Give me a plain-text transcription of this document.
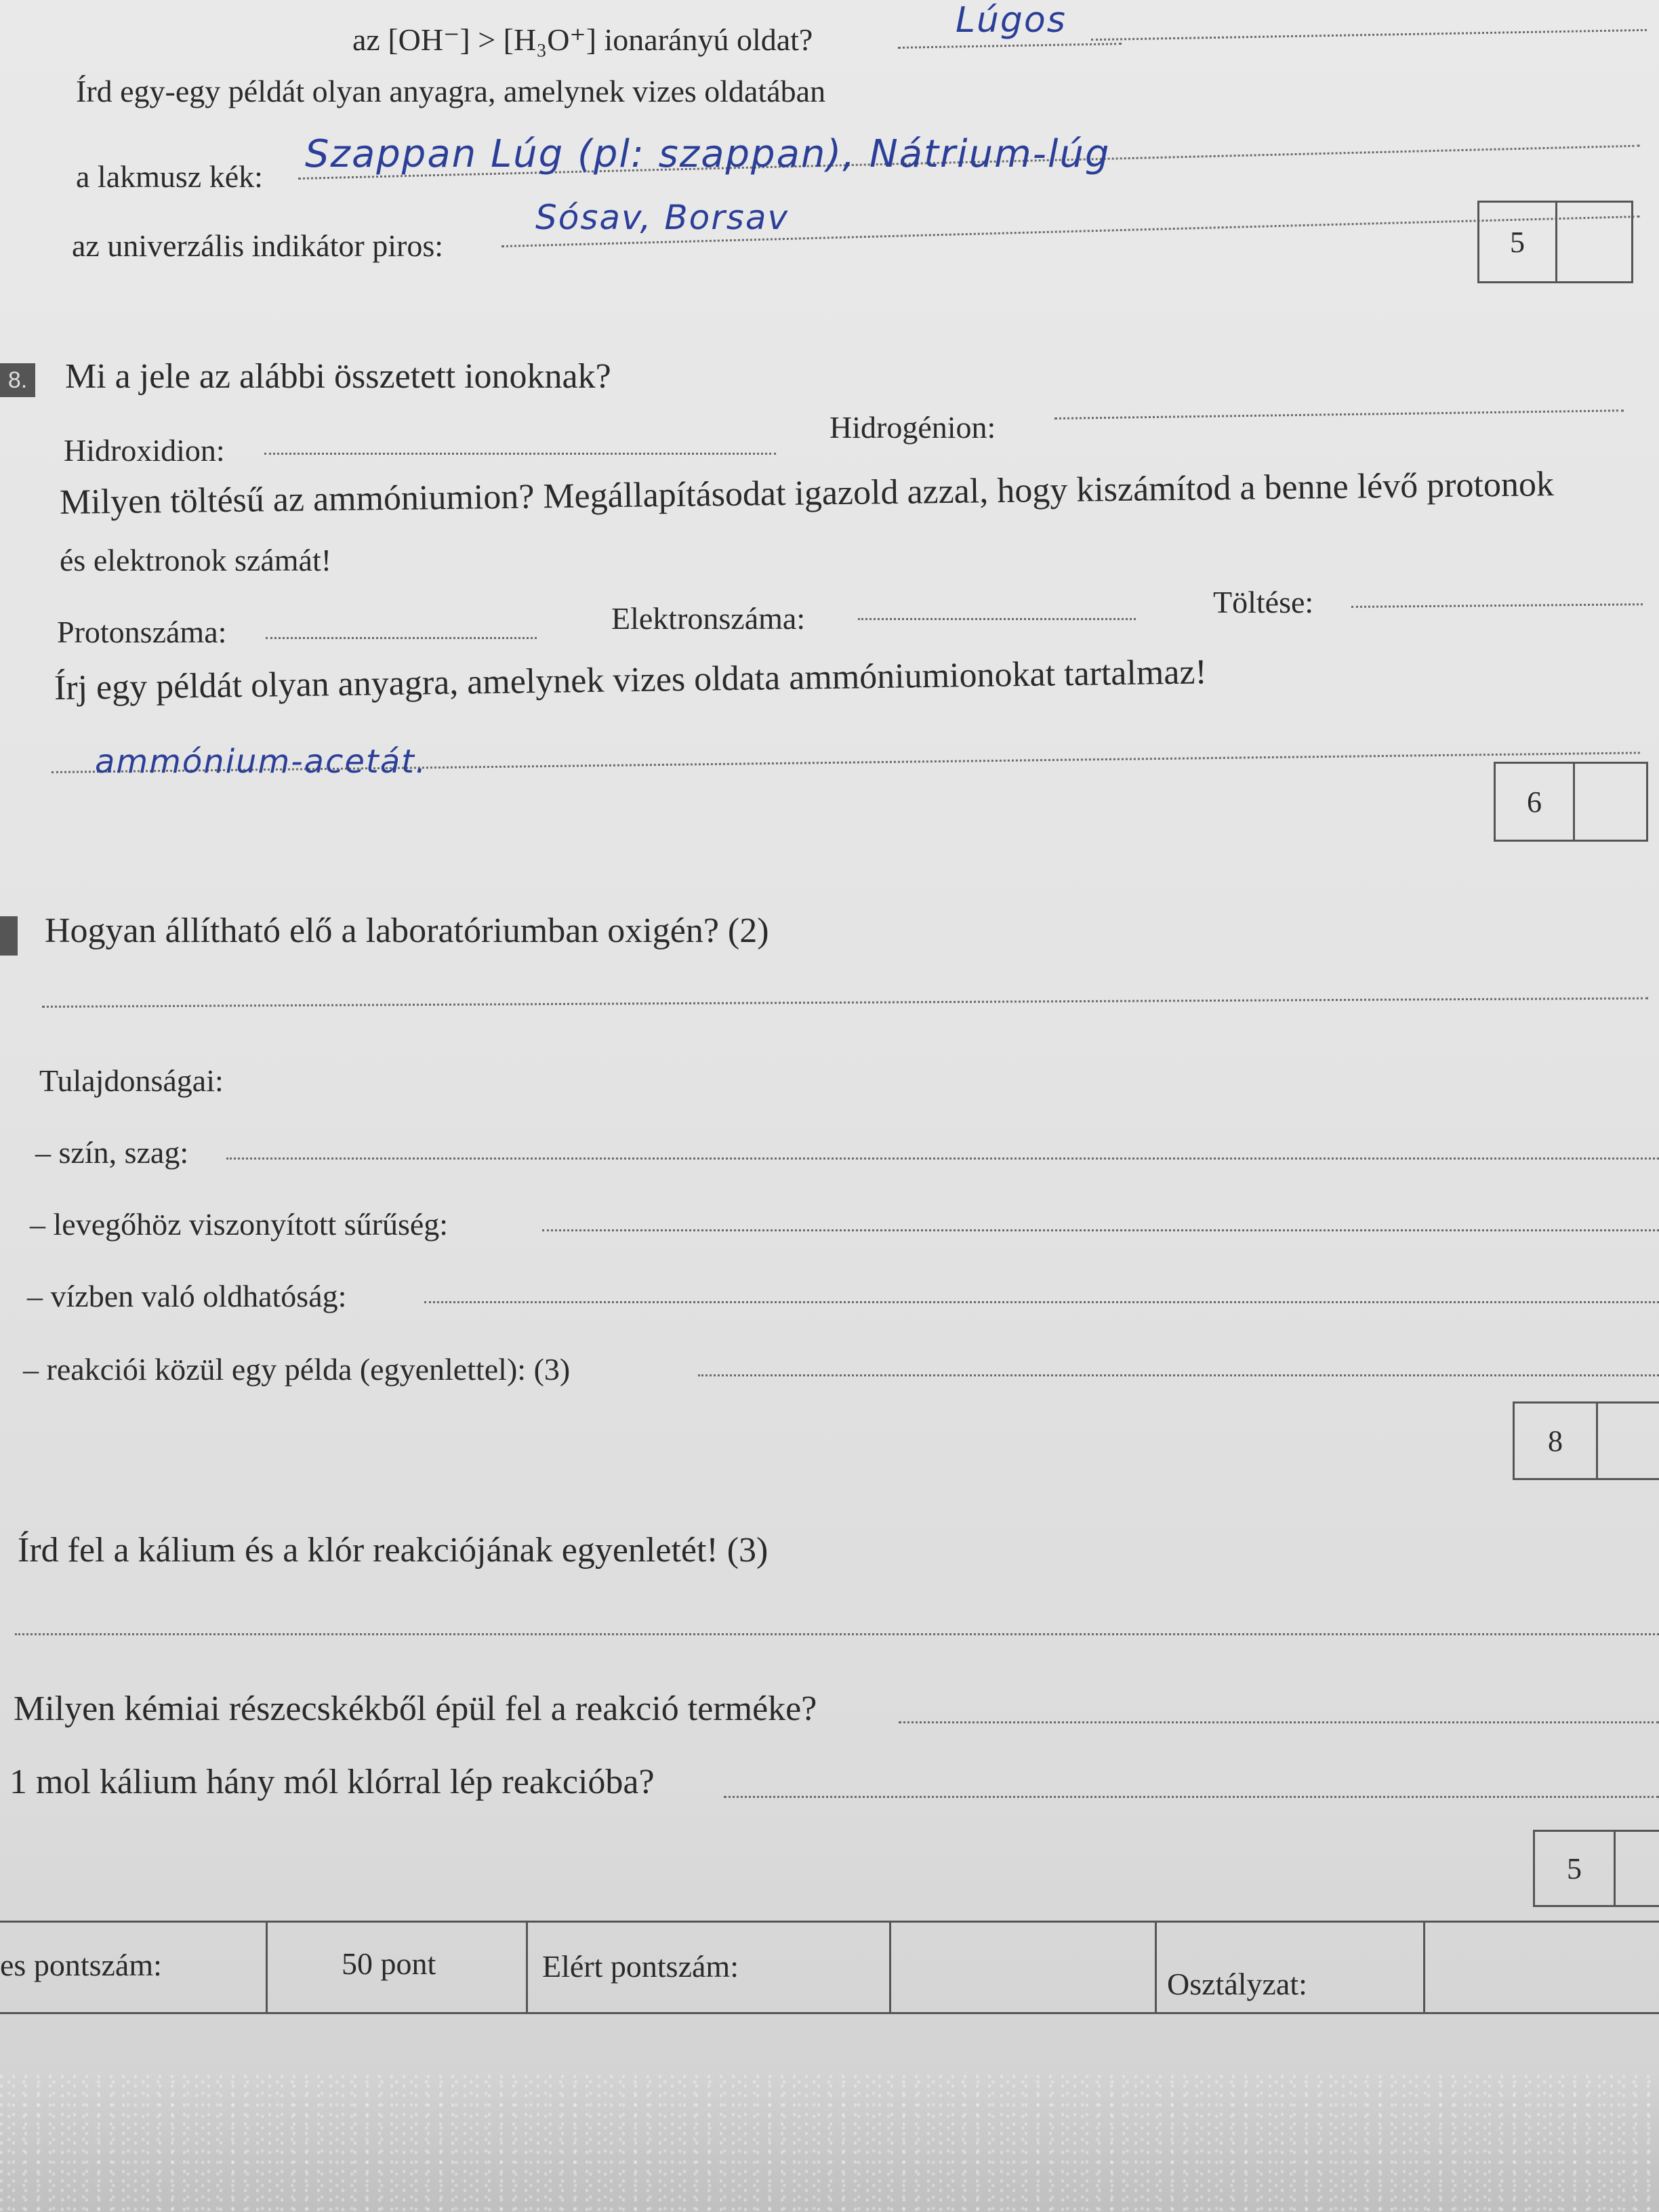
az [OH⁻] > [H₃O⁺] ionarányú oldat?	Lúgos
Írd egy-egy példát olyan anyagra, amelynek vizes oldatában
a lakmusz kék:
Szappan Lúg (pl: szappan), Nátrium-lúg
az univerzális indikátor piros:
Sósav, Borsav
5
8. Mi a jele az alábbi összetett ionoknak?
Hidroxidion:
Hidrogénion:
Milyen töltésű az ammóniumion? Megállapításodat igazold azzal, hogy kiszámítod a benne lévő protonok
és elektronok számát!
Protonszáma:	Elektronszáma:	Töltése:
Írj egy példát olyan anyagra, amelynek vizes oldata ammóniumionokat tartalmaz!
ammónium-acetát.
6
Hogyan állítható elő a laboratóriumban oxigén? (2)
Tulajdonságai:
– szín, szag:
– levegőhöz viszonyított sűrűség:
– vízben való oldhatóság:
– reakciói közül egy példa (egyenlettel): (3)
8
Írd fel a kálium és a klór reakciójának egyenletét! (3)
Milyen kémiai részecskékből épül fel a reakció terméke?
1 mol kálium hány mól klórral lép reakcióba?
5
es pontszám:	50 pont	Elért pontszám:
Osztályzat:
